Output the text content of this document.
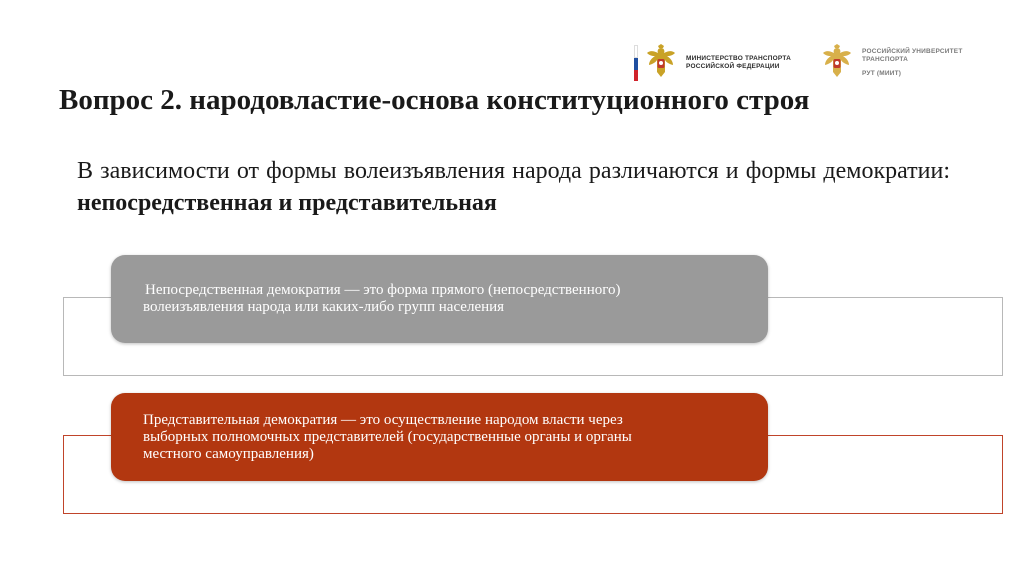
МИНИСТЕРСТВО ТРАНСПОРТА
РОССИЙСКОЙ ФЕДЕРАЦИИ
РОССИЙСКИЙ УНИВЕРСИТЕТ
ТРАНСПОРТА
РУТ (МИИТ)
Вопрос 2. народовластие-основа конституционного строя
В зависимости от формы волеизъявления народа различаются и формы демократии: непосредственная и представительная
Непосредственная демократия — это форма прямого (непосредственного)
волеизъявления народа или каких-либо групп населения
Представительная демократия — это осуществление народом власти через
выборных полномочных представителей (государственные органы и органы
местного самоуправления)
